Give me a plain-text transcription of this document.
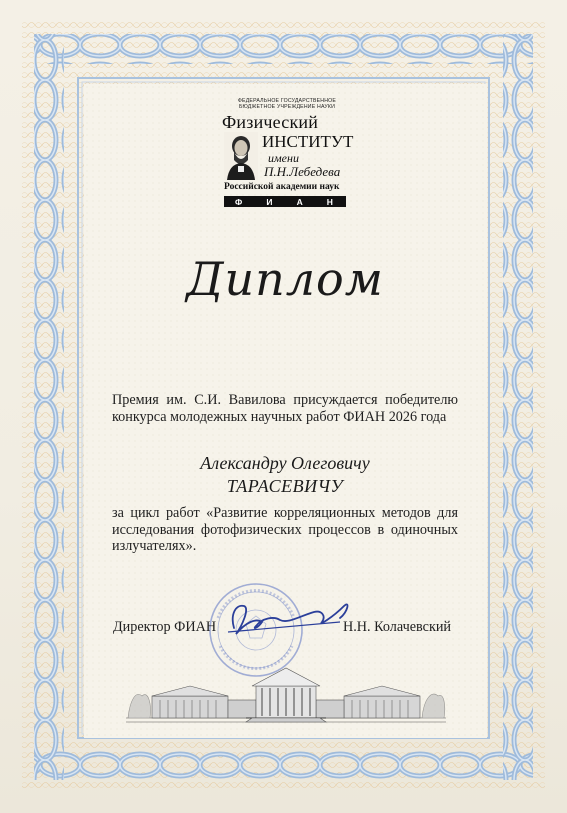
ФЕДЕРАЛЬНОЕ ГОСУДАРСТВЕННОЕ
БЮДЖЕТНОЕ УЧРЕЖДЕНИЕ НАУКИ
Физический
ИНСТИТУТ
имени
П.Н.Лебедева
Российской академии наук
Ф	И	А	Н
Диплом
Премия им. С.И. Вавилова присуждается победителю конкурса молодежных научных работ ФИАН 2026 года
Александру Олеговичу
ТАРАСЕВИЧУ
за цикл работ «Развитие корреляционных методов для исследования фотофизических процессов в одиночных излучателях».
Директор ФИАН	Н.Н. Колачевский
